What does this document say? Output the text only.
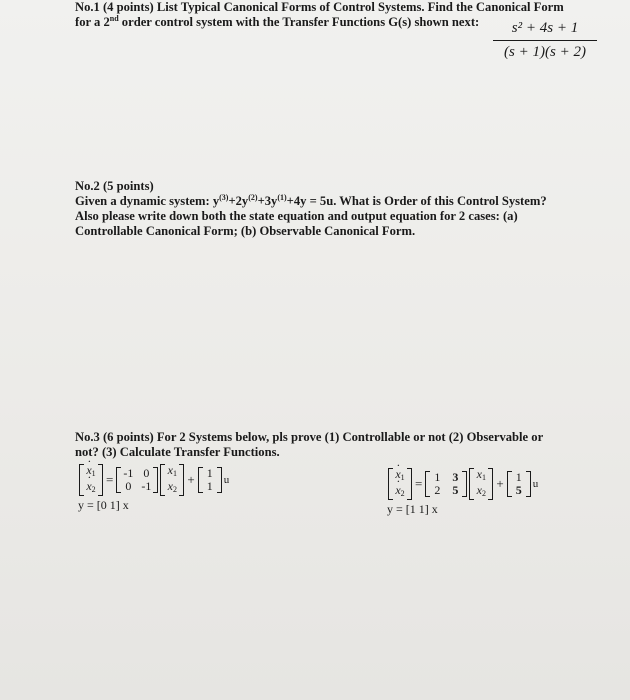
No.1 (4 points) List Typical Canonical Forms of Control Systems. Find the Canonical Form
for a 2nd order control system with the Transfer Functions G(s) shown next:	s² + 4s + 1
(s + 1)(s + 2)
No.2 (5 points)
Given a dynamic system: $y^{(3)}+2y^{(2)}+3y^{(1)}+4y = 5u$. What is Order of this Control System?
Also please write down both the state equation and output equation for 2 cases: (a)
Controllable Canonical Form; (b) Observable Canonical Form.
No.3 (6 points) For 2 Systems below, pls prove (1) Controllable or not (2) Observable or
not? (3) Calculate Transfer Functions.
$x \cdot_1$
$x \cdot_2$
= -1 0
0 -1
$x_1$
$x_2$
+	1
1	u
y = [0 1] x
$x \cdot_1$
$x \cdot_2$
=	1	3
2	5
$x_1$
$x_2$
+	1
5	u
y = [1 1] x
